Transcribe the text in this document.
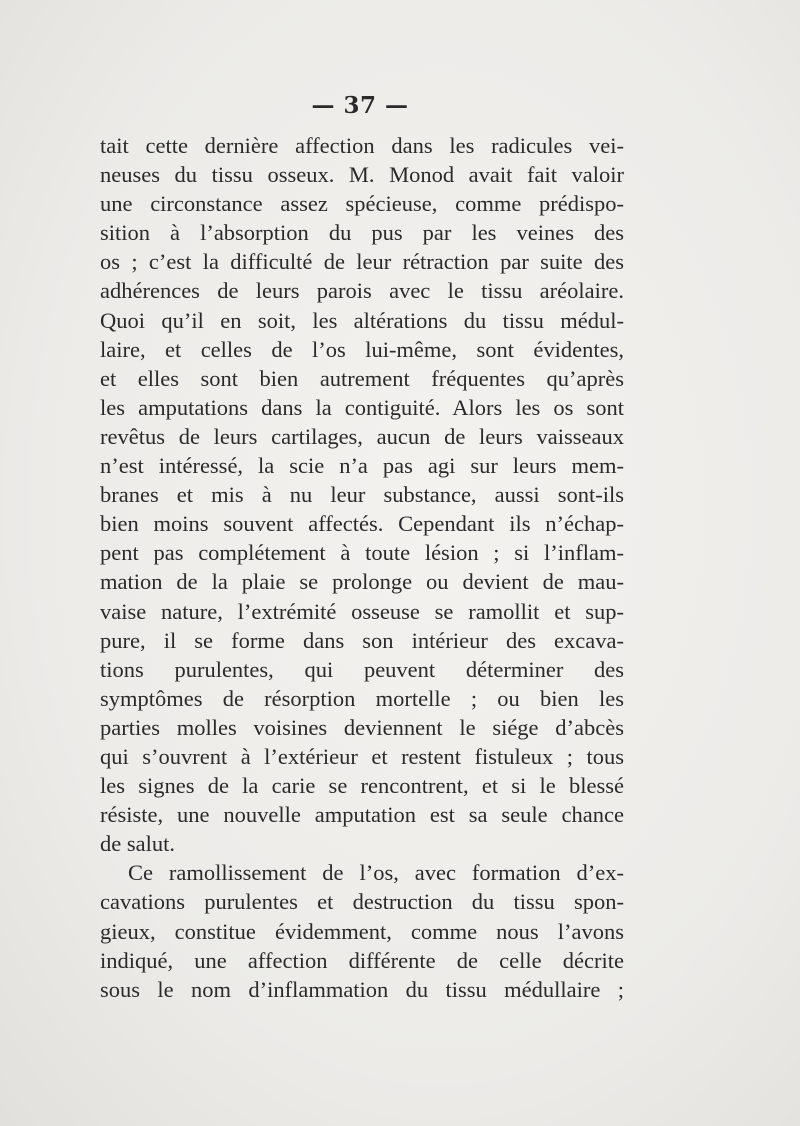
— 37 —
tait cette dernière affection dans les radicules vei-
neuses du tissu osseux. M. Monod avait fait valoir
une circonstance assez spécieuse, comme prédispo-
sition à l’absorption du pus par les veines des
os ; c’est la difficulté de leur rétraction par suite des
adhérences de leurs parois avec le tissu aréolaire.
Quoi qu’il en soit, les altérations du tissu médul-
laire, et celles de l’os lui-même, sont évidentes,
et elles sont bien autrement fréquentes qu’après
les amputations dans la contiguité. Alors les os sont
revêtus de leurs cartilages, aucun de leurs vaisseaux
n’est intéressé, la scie n’a pas agi sur leurs mem-
branes et mis à nu leur substance, aussi sont-ils
bien moins souvent affectés. Cependant ils n’échap-
pent pas complétement à toute lésion ; si l’inflam-
mation de la plaie se prolonge ou devient de mau-
vaise nature, l’extrémité osseuse se ramollit et sup-
pure, il se forme dans son intérieur des excava-
tions purulentes, qui peuvent déterminer des
symptômes de résorption mortelle ; ou bien les
parties molles voisines deviennent le siége d’abcès
qui s’ouvrent à l’extérieur et restent fistuleux ; tous
les signes de la carie se rencontrent, et si le blessé
résiste, une nouvelle amputation est sa seule chance
de salut.
Ce ramollissement de l’os, avec formation d’ex-
cavations purulentes et destruction du tissu spon-
gieux, constitue évidemment, comme nous l’avons
indiqué, une affection différente de celle décrite
sous le nom d’inflammation du tissu médullaire ;
